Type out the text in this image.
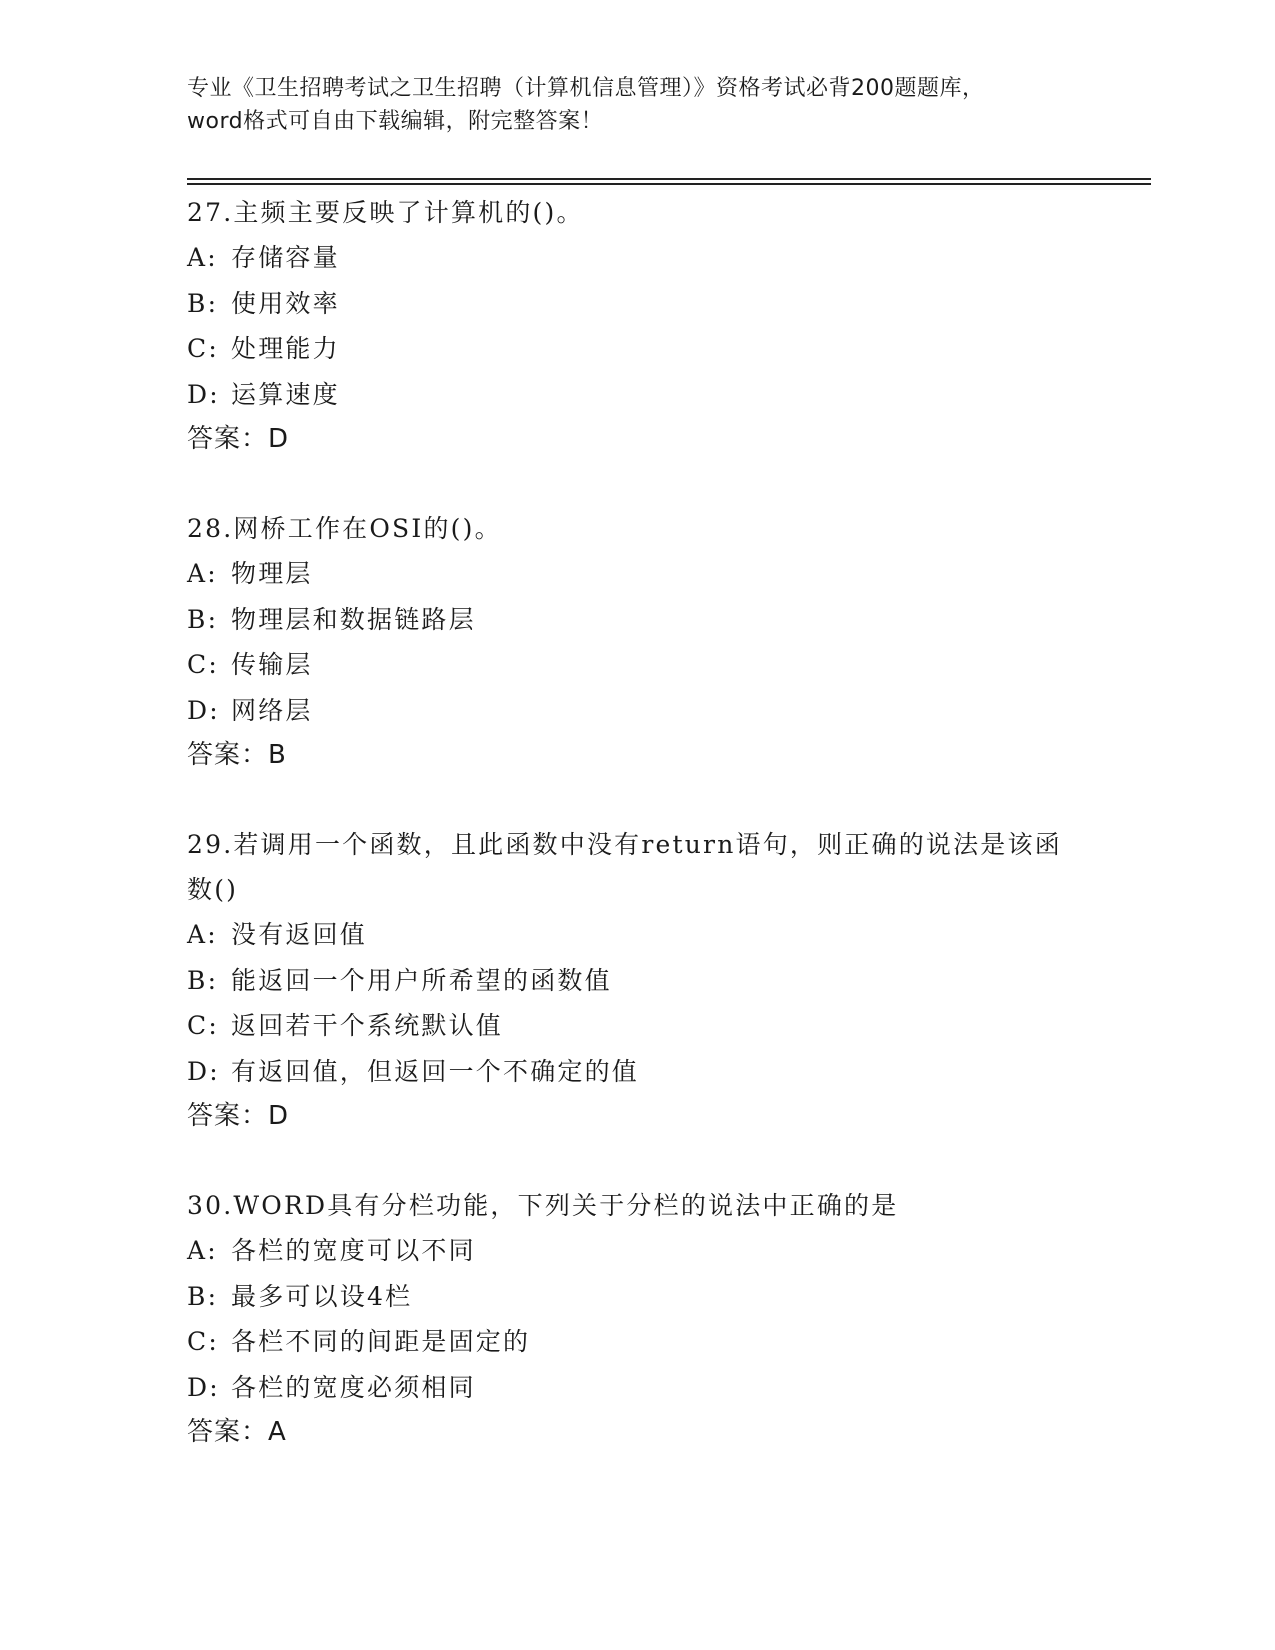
专业《卫生招聘考试之卫生招聘（计算机信息管理）》资格考试必背200题题库，
word格式可自由下载编辑，附完整答案！
27.主频主要反映了计算机的()。
A: 存储容量
B: 使用效率
C: 处理能力
D: 运算速度
答案：D
28.网桥工作在OSI的()。
A: 物理层
B: 物理层和数据链路层
C: 传输层
D: 网络层
答案：B
29.若调用一个函数，且此函数中没有return语句，则正确的说法是该函数()
A: 没有返回值
B: 能返回一个用户所希望的函数值
C: 返回若干个系统默认值
D: 有返回值，但返回一个不确定的值
答案：D
30.WORD具有分栏功能，下列关于分栏的说法中正确的是
A: 各栏的宽度可以不同
B: 最多可以设4栏
C: 各栏不同的间距是固定的
D: 各栏的宽度必须相同
答案：A
